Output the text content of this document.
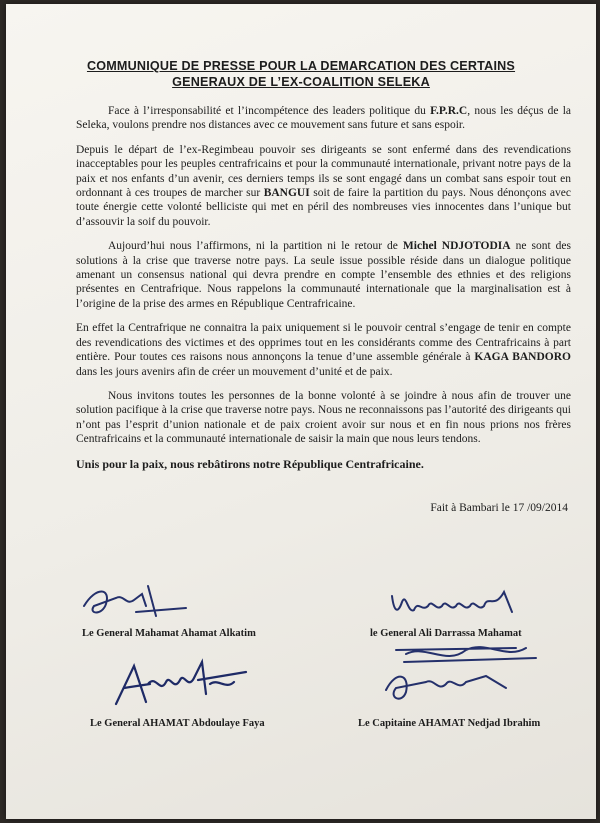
COMMUNIQUE DE PRESSE POUR LA DEMARCATION DES CERTAINS
GENERAUX DE L’EX-COALITION SELEKA

Face à l’irresponsabilité et l’incompétence des leaders politique du F.P.R.C, nous les déçus de la Seleka, voulons prendre nos distances avec ce mouvement sans future et sans espoir.

Depuis le départ de l’ex-Regimbeau pouvoir ses dirigeants se sont enfermé dans des revendications inacceptables pour les peuples centrafricains et pour la communauté internationale, privant notre pays de la paix et nos enfants d’un avenir, ces derniers temps ils se sont engagé dans un combat sans espoir tout en ordonnant à ces troupes de marcher sur BANGUI soit de faire la partition du pays. Nous dénonçons avec toute énergie cette volonté belliciste qui met en péril des nombreuses vies innocentes dans l’unique but d’assouvir la soif du pouvoir.

Aujourd’hui nous l’affirmons, ni la partition ni le retour de Michel NDJOTODIA ne sont des solutions à la crise que traverse notre pays. La seule issue possible réside dans un dialogue politique amenant un consensus national qui devra prendre en compte l’ensemble des ethnies et des religions présentes en Centrafrique. Nous rappelons la communauté internationale que la marginalisation est à l’origine de la prise des armes en République Centrafricaine.

En effet la Centrafrique ne connaitra la paix uniquement si le pouvoir central s’engage de tenir en compte des revendications des victimes et des opprimes tout en les considérants comme des Centrafricains à part entière. Pour toutes ces raisons nous annonçons la tenue d’une assemble générale à KAGA BANDORO dans les jours avenirs afin de créer un mouvement d’unité et de paix.

Nous invitons toutes les personnes de la bonne volonté à se joindre à nous afin de trouver une solution pacifique à la crise que traverse notre pays. Nous ne reconnaissons pas l’autorité des dirigeants qui n’ont pas l’esprit d’union nationale et de paix croient avoir sur nous et en fin nous prions nos frères Centrafricains et la communauté internationale de saisir la main que nous leurs tendons.

Unis pour la paix, nous rebâtirons notre République Centrafricaine.

Fait à Bambari le 17 /09/2014
Le General Mahamat Ahamat Alkatim	le General Ali Darrassa Mahamat
Le General AHAMAT Abdoulaye Faya	Le Capitaine AHAMAT Nedjad Ibrahim
